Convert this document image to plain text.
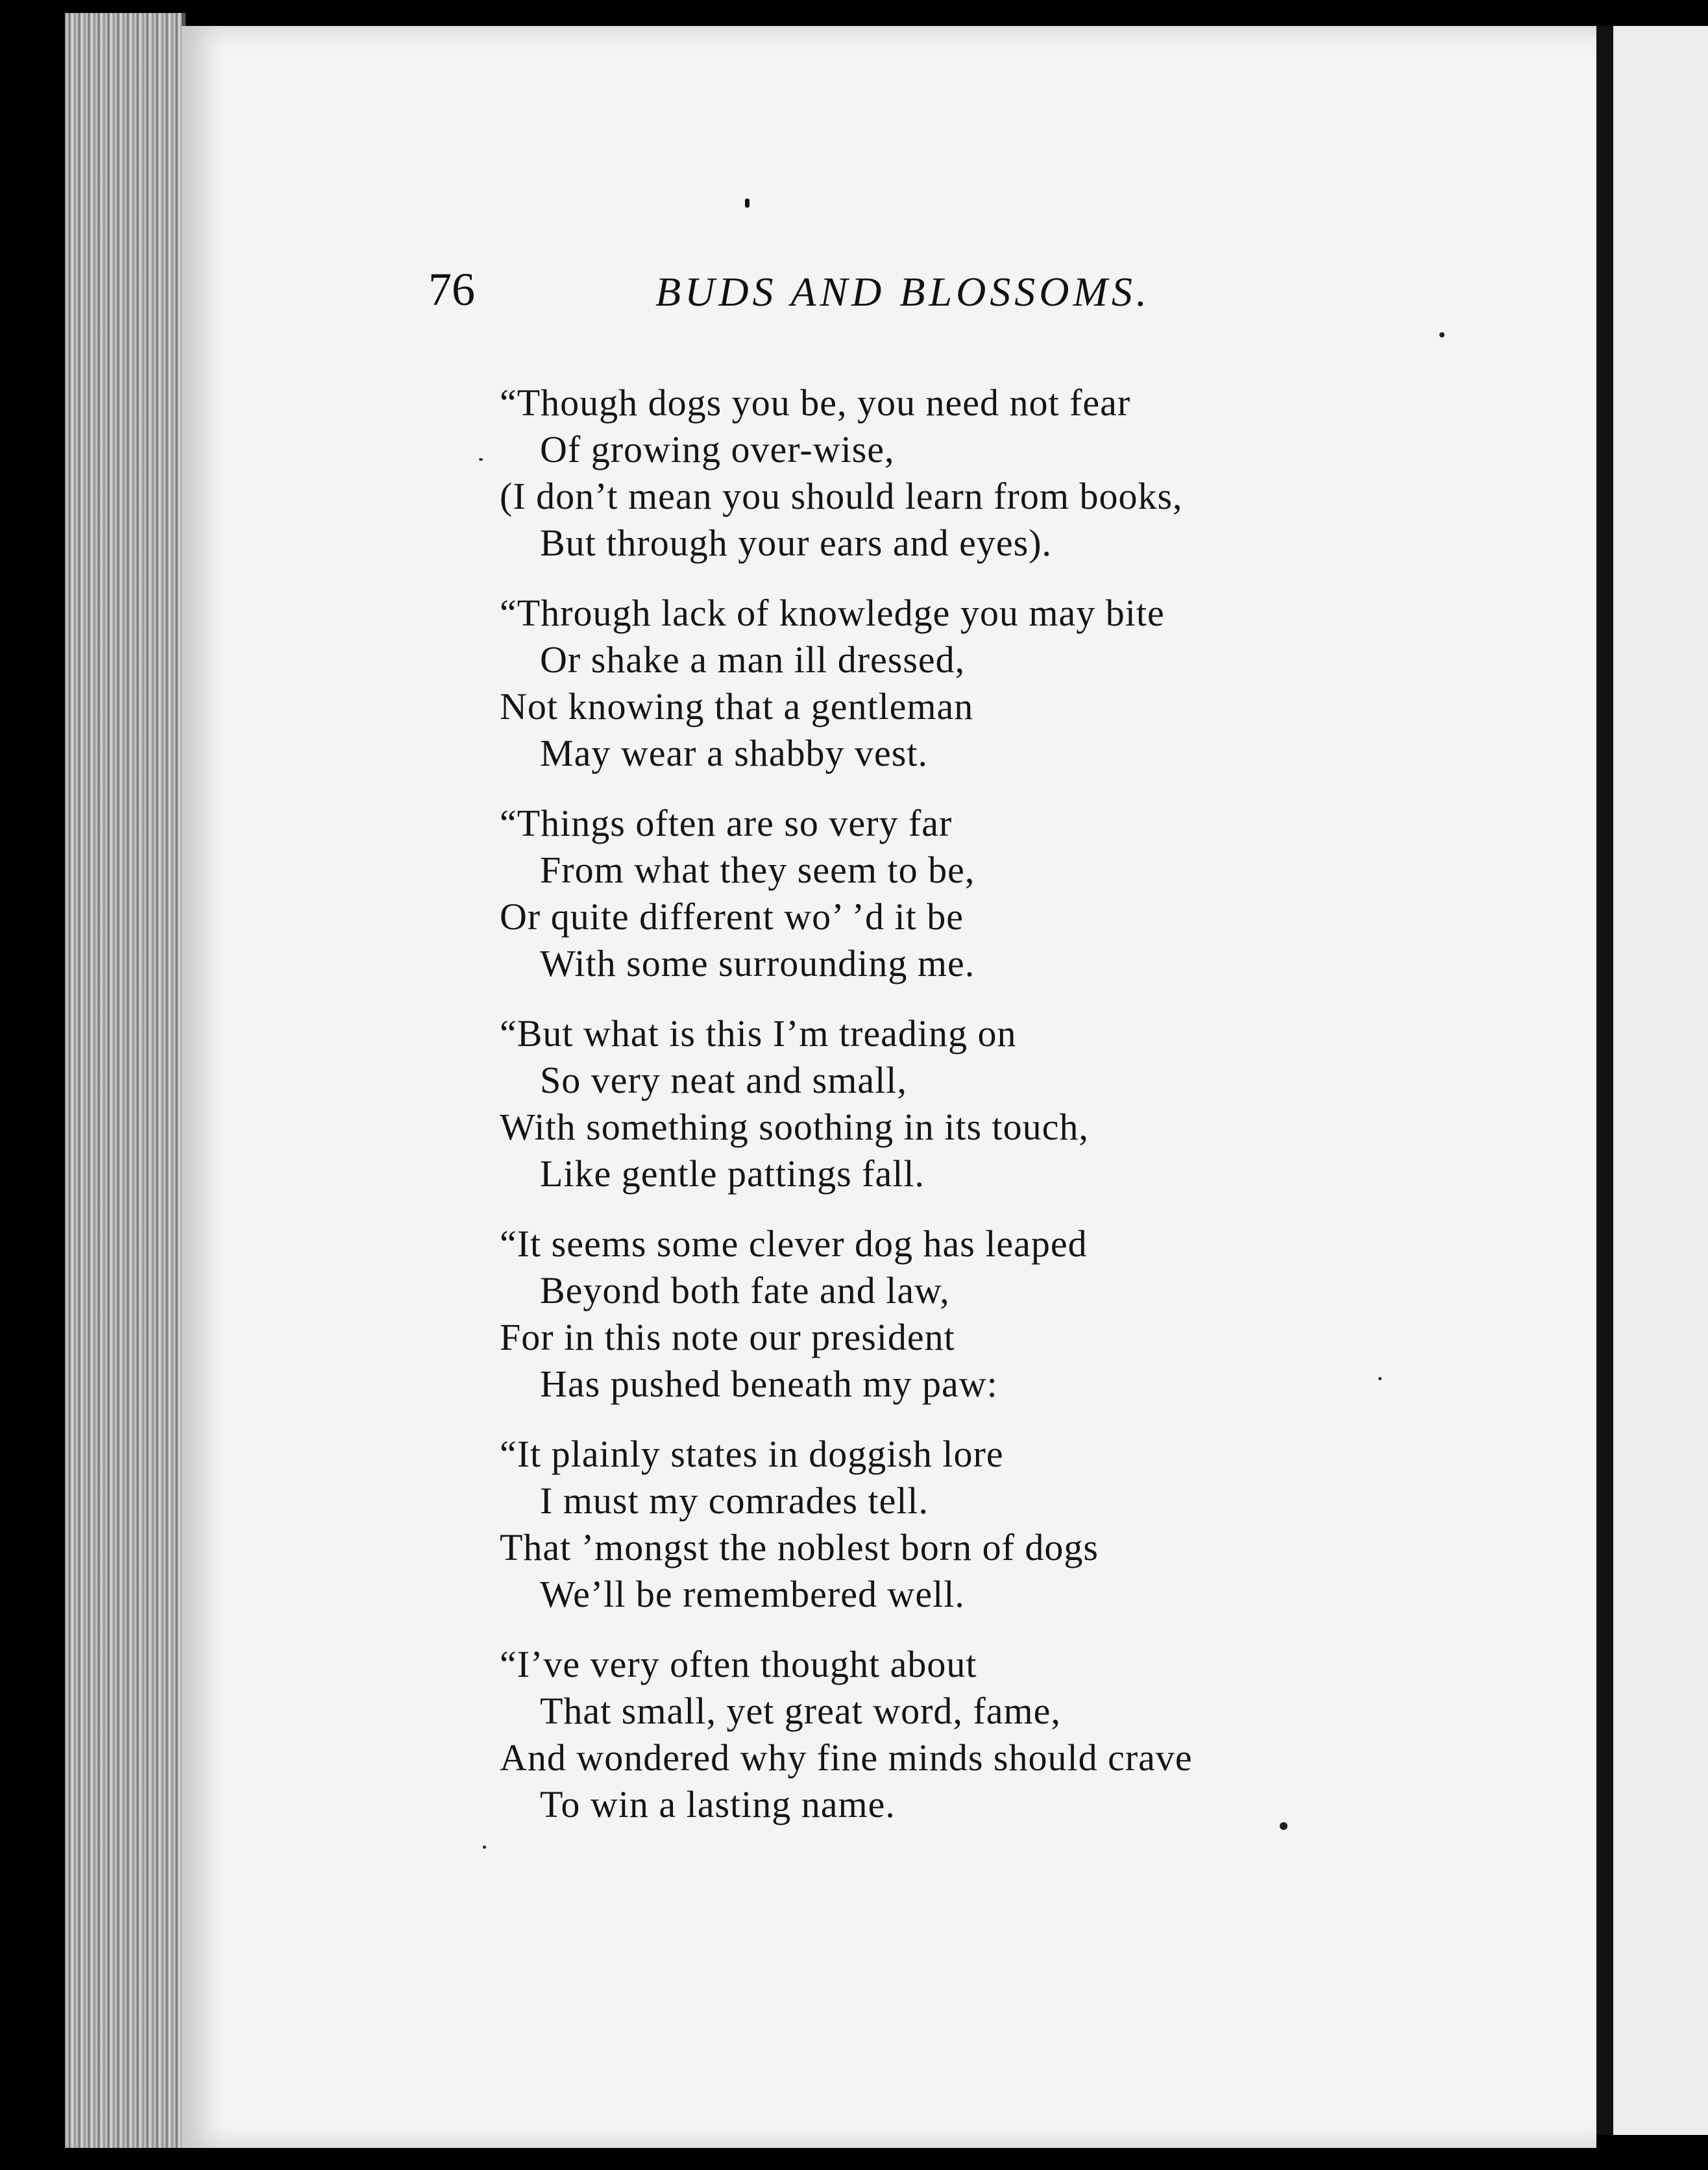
76	BUDS AND BLOSSOMS.
“Though dogs you be, you need not fear
Of growing over-wise,
(I don’t mean you should learn from books,
But through your ears and eyes).
“Through lack of knowledge you may bite
Or shake a man ill dressed,
Not knowing that a gentleman
May wear a shabby vest.
“Things often are so very far
From what they seem to be,
Or quite different wo’ ’d it be
With some surrounding me.
“But what is this I’m treading on
So very neat and small,
With something soothing in its touch,
Like gentle pattings fall.
“It seems some clever dog has leaped
Beyond both fate and law,
For in this note our president
Has pushed beneath my paw:
“It plainly states in doggish lore
I must my comrades tell.
That ’mongst the noblest born of dogs
We’ll be remembered well.
“I’ve very often thought about
That small, yet great word, fame,
And wondered why fine minds should crave
To win a lasting name.
